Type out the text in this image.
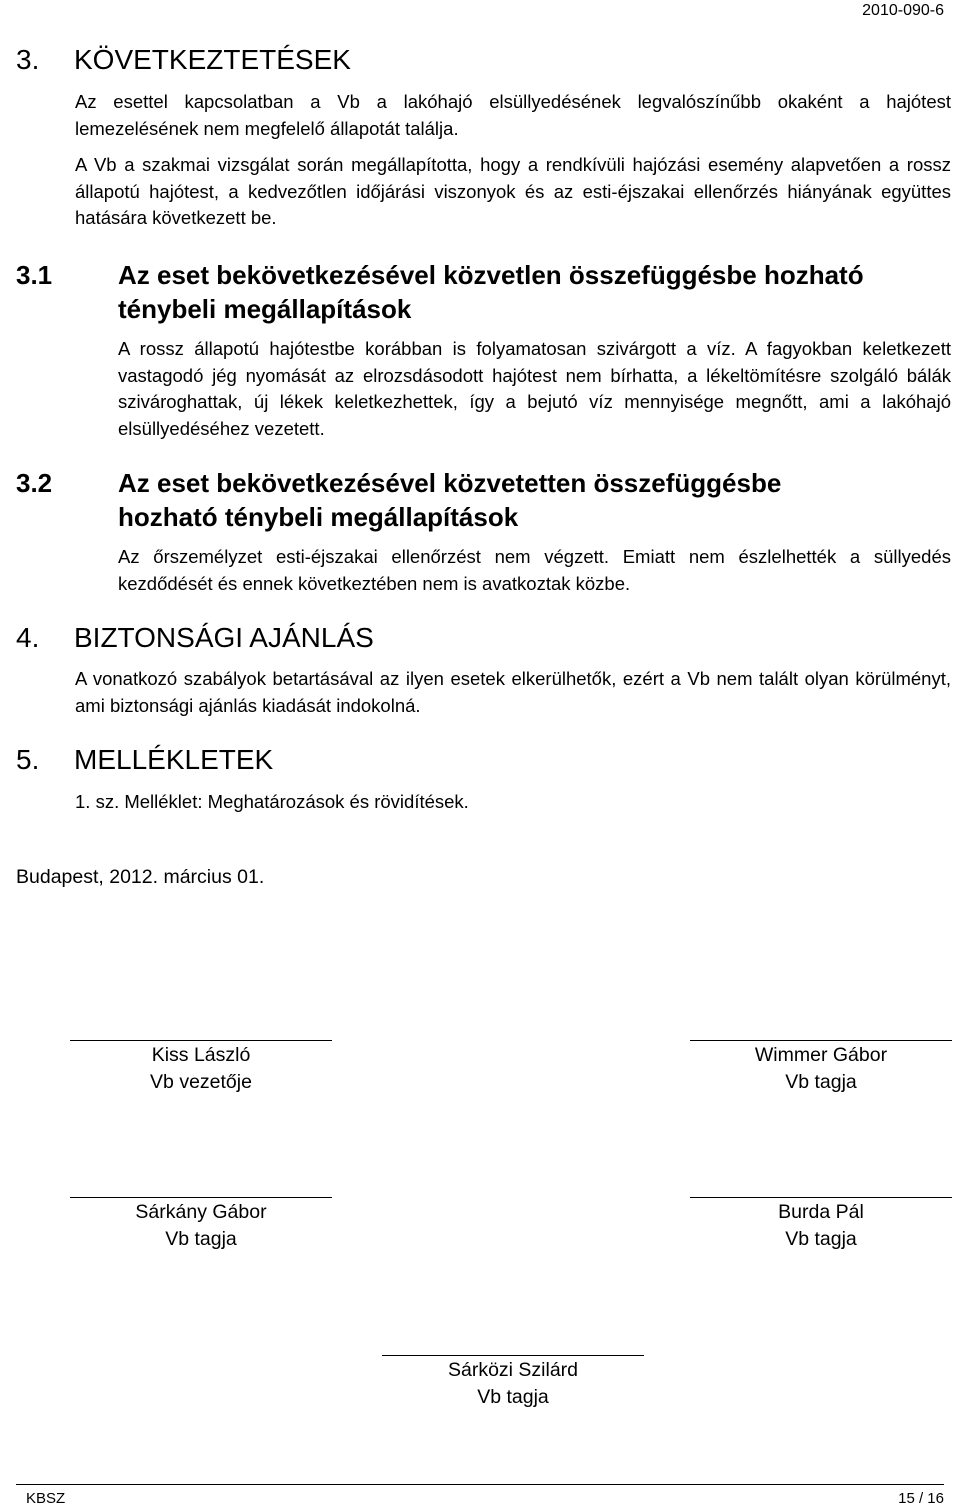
2010-090-6
3. KÖVETKEZTETÉSEK
Az esettel kapcsolatban a Vb a lakóhajó elsüllyedésének legvalószínűbb okaként a hajótest lemezelésének nem megfelelő állapotát találja.
A Vb a szakmai vizsgálat során megállapította, hogy a rendkívüli hajózási esemény alapvetően a rossz állapotú hajótest, a kedvezőtlen időjárási viszonyok és az esti-éjszakai ellenőrzés hiányának együttes hatására következett be.
3.1	Az eset bekövetkezésével közvetlen összefüggésbe hozható ténybeli megállapítások
A rossz állapotú hajótestbe korábban is folyamatosan szivárgott a víz. A fagyokban keletkezett vastagodó jég nyomását az elrozsdásodott hajótest nem bírhatta, a lékeltömítésre szolgáló bálák szivároghattak, új lékek keletkezhettek, így a bejutó víz mennyisége megnőtt, ami a lakóhajó elsüllyedéséhez vezetett.
3.2	Az eset bekövetkezésével közvetetten összefüggésbe hozható ténybeli megállapítások
Az őrszemélyzet esti-éjszakai ellenőrzést nem végzett. Emiatt nem észlelhették a süllyedés kezdődését és ennek következtében nem is avatkoztak közbe.
4. BIZTONSÁGI AJÁNLÁS
A vonatkozó szabályok betartásával az ilyen esetek elkerülhetők, ezért a Vb nem talált olyan körülményt, ami biztonsági ajánlás kiadását indokolná.
5. MELLÉKLETEK
1. sz. Melléklet: Meghatározások és rövidítések.
Budapest, 2012. március 01.
Kiss László
Vb vezetője
Wimmer Gábor
Vb tagja
Sárkány Gábor
Vb tagja
Burda Pál
Vb tagja
Sárközi Szilárd
Vb tagja
KBSZ	15 / 16
